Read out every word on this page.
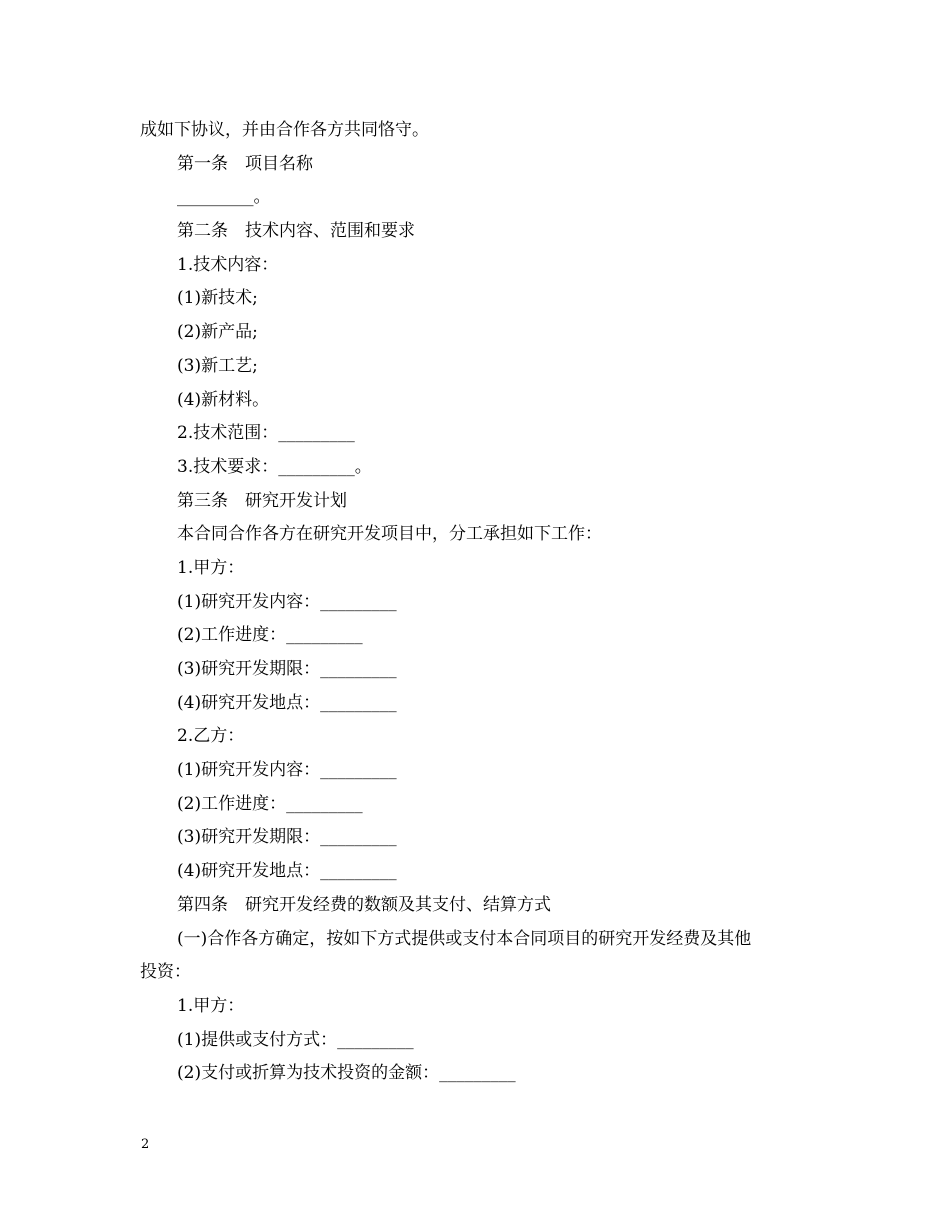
成如下协议，并由合作各方共同恪守。
第一条　项目名称
_________。
第二条　技术内容、范围和要求
1.技术内容：
(1)新技术;
(2)新产品;
(3)新工艺;
(4)新材料。
2.技术范围：_________
3.技术要求：_________。
第三条　研究开发计划
本合同合作各方在研究开发项目中，分工承担如下工作：
1.甲方：
(1)研究开发内容：_________
(2)工作进度：_________
(3)研究开发期限：_________
(4)研究开发地点：_________
2.乙方：
(1)研究开发内容：_________
(2)工作进度：_________
(3)研究开发期限：_________
(4)研究开发地点：_________
第四条　研究开发经费的数额及其支付、结算方式
(一)合作各方确定，按如下方式提供或支付本合同项目的研究开发经费及其他
投资：
1.甲方：
(1)提供或支付方式：_________
(2)支付或折算为技术投资的金额：_________
2
